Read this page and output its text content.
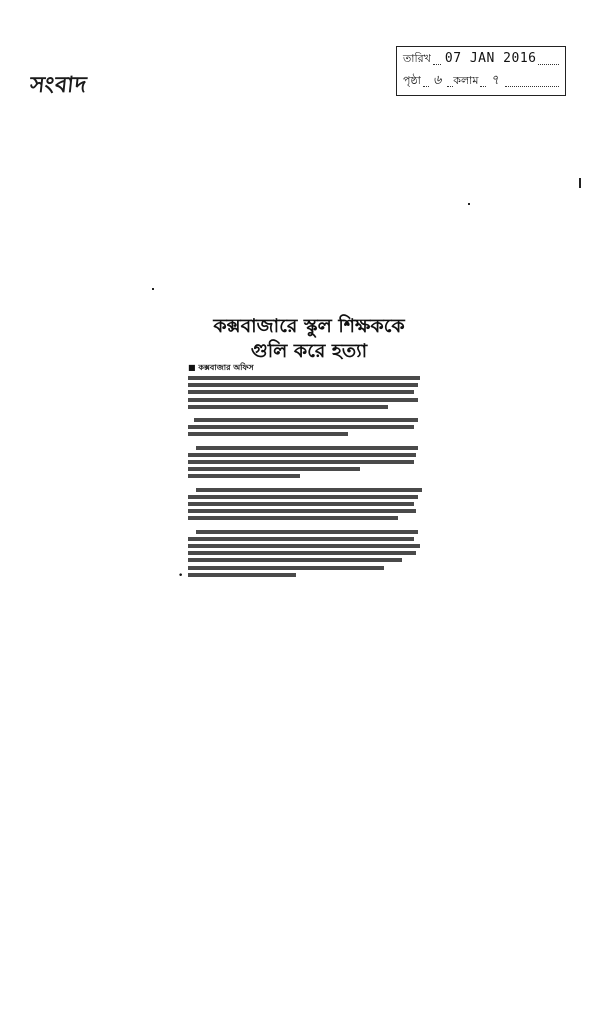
সংবাদ
তারিখ 07 JAN 2016
পৃষ্ঠা ৬ কলাম ৭
কক্সবাজারে স্কুল শিক্ষককে
গুলি করে হত্যা
■ কক্সবাজার অফিস
•
